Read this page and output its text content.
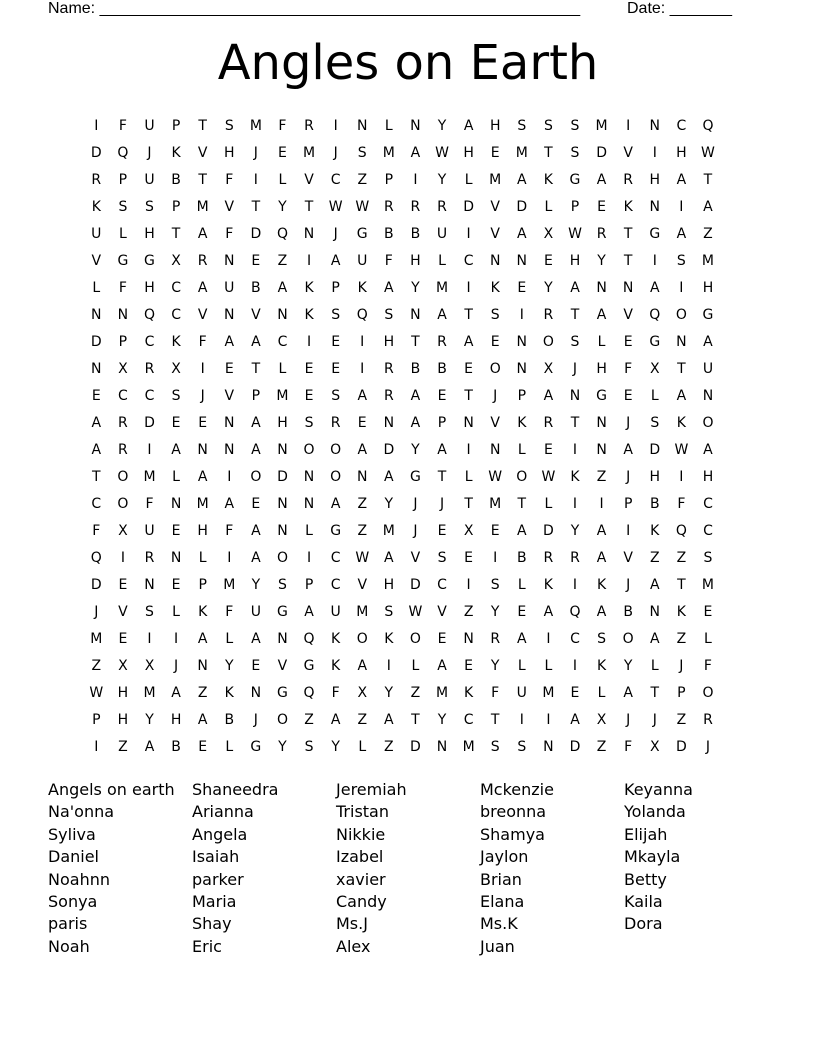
Name: ______________________________________________________	Date: _______
Angles on Earth
I F U P T S M F R I N L N Y A H S S S M I N C Q
D Q J K V H J E M J S M A W H E M T S D V I H W
R P U B T F I L V C Z P I Y L M A K G A R H A T
K S S P M V T Y T W W R R R D V D L P E K N I A
U L H T A F D Q N J G B B U I V A X W R T G A Z
V G G X R N E Z I A U F H L C N N E H Y T I S M
L F H C A U B A K P K A Y M I K E Y A N N A I H
N N Q C V N V N K S Q S N A T S I R T A V Q O G
D P C K F A A C I E I H T R A E N O S L E G N A
N X R X I E T L E E I R B B E O N X J H F X T U
E C C S J V P M E S A R A E T J P A N G E L A N
A R D E E N A H S R E N A P N V K R T N J S K O
A R I A N N A N O O A D Y A I N L E I N A D W A
T O M L A I O D N O N A G T L W O W K Z J H I H
C O F N M A E N N A Z Y J J T M T L I I P B F C
F X U E H F A N L G Z M J E X E A D Y A I K Q C
Q I R N L I A O I C W A V S E I B R R A V Z Z S
D E N E P M Y S P C V H D C I S L K I K J A T M
J V S L K F U G A U M S W V Z Y E A Q A B N K E
M E I I A L A N Q K O K O E N R A I C S O A Z L
Z X X J N Y E V G K A I L A E Y L L I K Y L J F
W H M A Z K N G Q F X Y Z M K F U M E L A T P O
P H Y H A B J O Z A Z A T Y C T I I A X J J Z R
I Z A B E L G Y S Y L Z D N M S S N D Z F X D J
Angels on earth
Na'onna
Syliva
Daniel
Noahnn
Sonya
paris
Noah
Shaneedra
Arianna
Angela
Isaiah
parker
Maria
Shay
Eric
Jeremiah
Tristan
Nikkie
Izabel
xavier
Candy
Ms.J
Alex
Mckenzie
breonna
Shamya
Jaylon
Brian
Elana
Ms.K
Juan
Keyanna
Yolanda
Elijah
Mkayla
Betty
Kaila
Dora
